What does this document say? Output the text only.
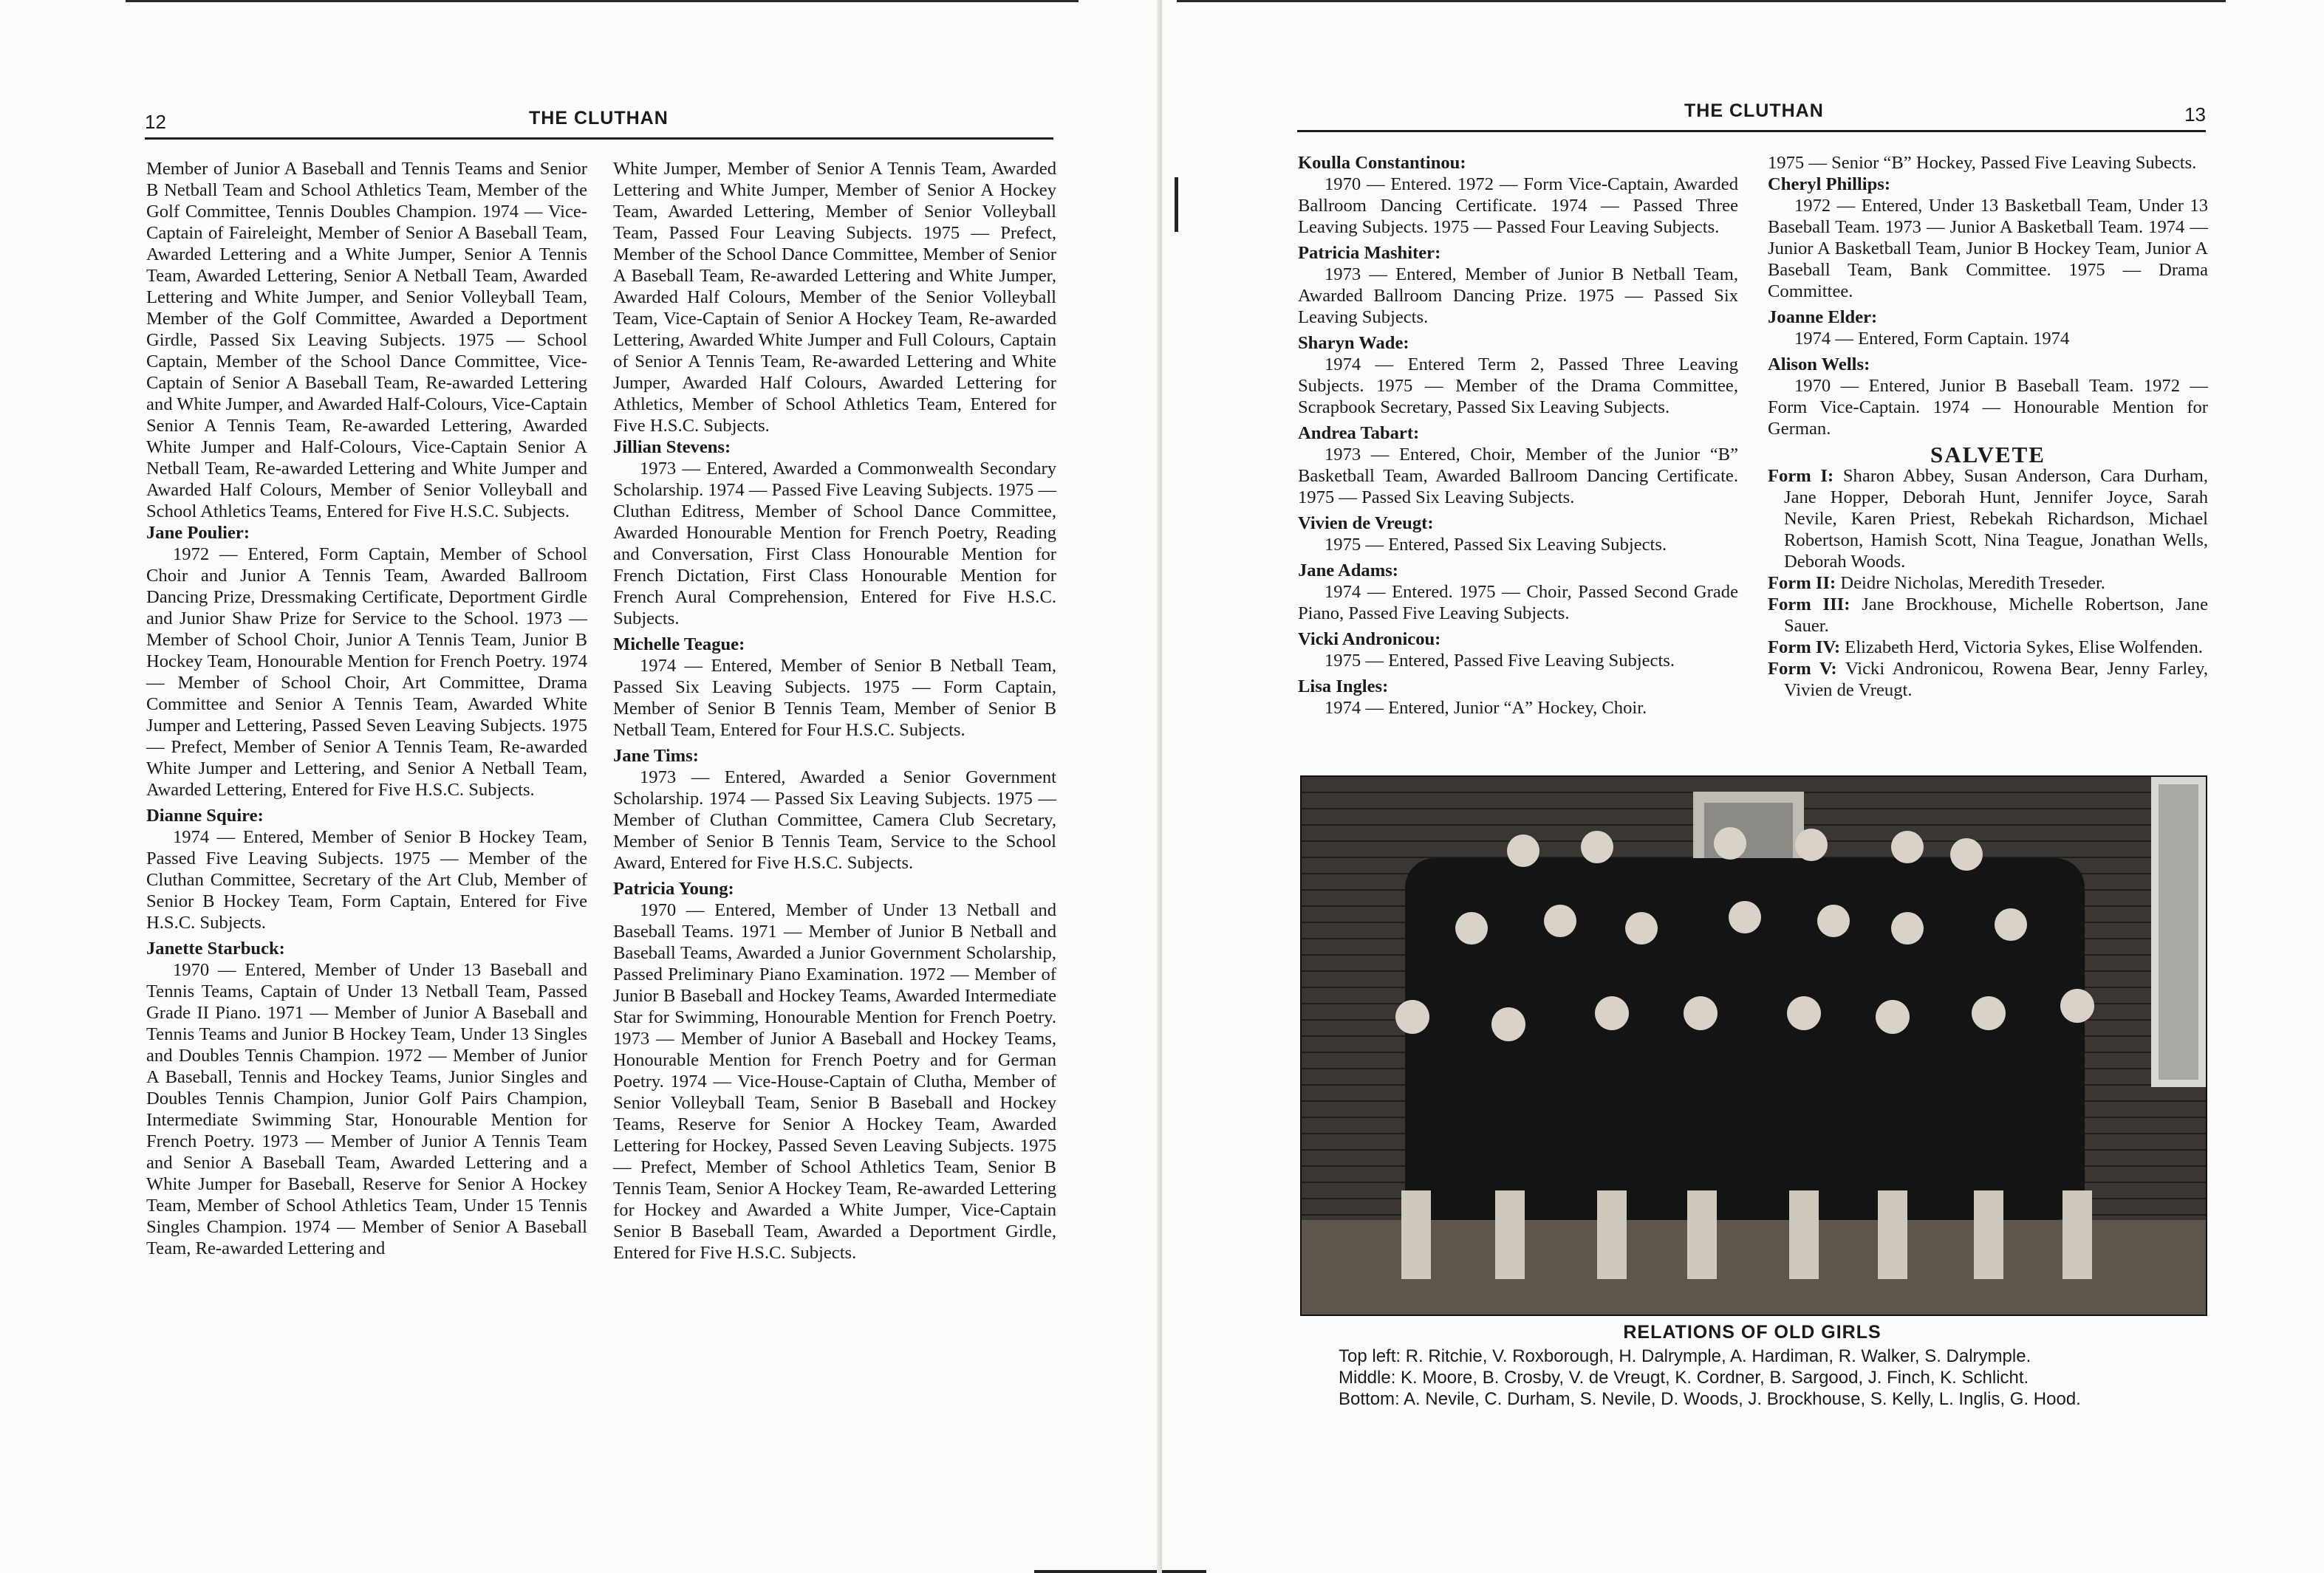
12	THE CLUTHAN

Member of Junior A Baseball and Tennis Teams and Senior B Netball Team and School Athletics Team, Member of the Golf Committee, Tennis Doubles Champion. 1974 — Vice-Captain of Faireleight, Member of Senior A Baseball Team, Awarded Lettering and a White Jumper, Senior A Tennis Team, Awarded Lettering, Senior A Netball Team, Awarded Lettering and White Jumper, and Senior Volleyball Team, Member of the Golf Committee, Awarded a Deportment Girdle, Passed Six Leaving Subjects. 1975 — School Captain, Member of the School Dance Committee, Vice-Captain of Senior A Baseball Team, Re-awarded Lettering and White Jumper, and Awarded Half-Colours, Vice-Captain Senior A Tennis Team, Re-awarded Lettering, Awarded White Jumper and Half-Colours, Vice-Captain Senior A Netball Team, Re-awarded Lettering and White Jumper and Awarded Half Colours, Member of Senior Volleyball and School Athletics Teams, Entered for Five H.S.C. Subjects.

Jane Poulier:

1972 — Entered, Form Captain, Member of School Choir and Junior A Tennis Team, Awarded Ballroom Dancing Prize, Dressmaking Certificate, Deportment Girdle and Junior Shaw Prize for Service to the School. 1973 — Member of School Choir, Junior A Tennis Team, Junior B Hockey Team, Honourable Mention for French Poetry. 1974 — Member of School Choir, Art Committee, Drama Committee and Senior A Tennis Team, Awarded White Jumper and Lettering, Passed Seven Leaving Subjects. 1975 — Prefect, Member of Senior A Tennis Team, Re-awarded White Jumper and Lettering, and Senior A Netball Team, Awarded Lettering, Entered for Five H.S.C. Subjects.

Dianne Squire:

1974 — Entered, Member of Senior B Hockey Team, Passed Five Leaving Subjects. 1975 — Member of the Cluthan Committee, Secretary of the Art Club, Member of Senior B Hockey Team, Form Captain, Entered for Five H.S.C. Subjects.

Janette Starbuck:

1970 — Entered, Member of Under 13 Baseball and Tennis Teams, Captain of Under 13 Netball Team, Passed Grade II Piano. 1971 — Member of Junior A Baseball and Tennis Teams and Junior B Hockey Team, Under 13 Singles and Doubles Tennis Champion. 1972 — Member of Junior A Baseball, Tennis and Hockey Teams, Junior Singles and Doubles Tennis Champion, Junior Golf Pairs Champion, Intermediate Swimming Star, Honourable Mention for French Poetry. 1973 — Member of Junior A Tennis Team and Senior A Baseball Team, Awarded Lettering and a White Jumper for Baseball, Reserve for Senior A Hockey Team, Member of School Athletics Team, Under 15 Tennis Singles Champion. 1974 — Member of Senior A Baseball Team, Re-awarded Lettering and

White Jumper, Member of Senior A Tennis Team, Awarded Lettering and White Jumper, Member of Senior A Hockey Team, Awarded Lettering, Member of Senior Volleyball Team, Passed Four Leaving Subjects. 1975 — Prefect, Member of the School Dance Committee, Member of Senior A Baseball Team, Re-awarded Lettering and White Jumper, Awarded Half Colours, Member of the Senior Volleyball Team, Vice-Captain of Senior A Hockey Team, Re-awarded Lettering, Awarded White Jumper and Full Colours, Captain of Senior A Tennis Team, Re-awarded Lettering and White Jumper, Awarded Half Colours, Awarded Lettering for Athletics, Member of School Athletics Team, Entered for Five H.S.C. Subjects.

Jillian Stevens:

1973 — Entered, Awarded a Commonwealth Secondary Scholarship. 1974 — Passed Five Leaving Subjects. 1975 — Cluthan Editress, Member of School Dance Committee, Awarded Honourable Mention for French Poetry, Reading and Conversation, First Class Honourable Mention for French Dictation, First Class Honourable Mention for French Aural Comprehension, Entered for Five H.S.C. Subjects.

Michelle Teague:

1974 — Entered, Member of Senior B Netball Team, Passed Six Leaving Subjects. 1975 — Form Captain, Member of Senior B Tennis Team, Member of Senior B Netball Team, Entered for Four H.S.C. Subjects.

Jane Tims:

1973 — Entered, Awarded a Senior Government Scholarship. 1974 — Passed Six Leaving Subjects. 1975 — Member of Cluthan Committee, Camera Club Secretary, Member of Senior B Tennis Team, Service to the School Award, Entered for Five H.S.C. Subjects.

Patricia Young:

1970 — Entered, Member of Under 13 Netball and Baseball Teams. 1971 — Member of Junior B Netball and Baseball Teams, Awarded a Junior Government Scholarship, Passed Preliminary Piano Examination. 1972 — Member of Junior B Baseball and Hockey Teams, Awarded Intermediate Star for Swimming, Honourable Mention for French Poetry. 1973 — Member of Junior A Baseball and Hockey Teams, Honourable Mention for French Poetry and for German Poetry. 1974 — Vice-House-Captain of Clutha, Member of Senior Volleyball Team, Senior B Baseball and Hockey Teams, Reserve for Senior A Hockey Team, Awarded Lettering for Hockey, Passed Seven Leaving Subjects. 1975 — Prefect, Member of School Athletics Team, Senior B Tennis Team, Senior A Hockey Team, Re-awarded Lettering for Hockey and Awarded a White Jumper, Vice-Captain Senior B Baseball Team, Awarded a Deportment Girdle, Entered for Five H.S.C. Subjects.

THE CLUTHAN	13

Koulla Constantinou:

1970 — Entered. 1972 — Form Vice-Captain, Awarded Ballroom Dancing Certificate. 1974 — Passed Three Leaving Subjects. 1975 — Passed Four Leaving Subjects.

Patricia Mashiter:

1973 — Entered, Member of Junior B Netball Team, Awarded Ballroom Dancing Prize. 1975 — Passed Six Leaving Subjects.

Sharyn Wade:

1974 — Entered Term 2, Passed Three Leaving Subjects. 1975 — Member of the Drama Committee, Scrapbook Secretary, Passed Six Leaving Subjects.

Andrea Tabart:

1973 — Entered, Choir, Member of the Junior “B” Basketball Team, Awarded Ballroom Dancing Certificate. 1975 — Passed Six Leaving Subjects.

Vivien de Vreugt:

1975 — Entered, Passed Six Leaving Subjects.

Jane Adams:

1974 — Entered. 1975 — Choir, Passed Second Grade Piano, Passed Five Leaving Subjects.

Vicki Andronicou:

1975 — Entered, Passed Five Leaving Subjects.

Lisa Ingles:

1974 — Entered, Junior “A” Hockey, Choir.

1975 — Senior “B” Hockey, Passed Five Leaving Subects.

Cheryl Phillips:

1972 — Entered, Under 13 Basketball Team, Under 13 Baseball Team. 1973 — Junior A Basketball Team. 1974 — Junior A Basketball Team, Junior B Hockey Team, Junior A Baseball Team, Bank Committee. 1975 — Drama Committee.

Joanne Elder:

1974 — Entered, Form Captain. 1974

Alison Wells:

1970 — Entered, Junior B Baseball Team. 1972 — Form Vice-Captain. 1974 — Honourable Mention for German.

SALVETE

Form I: Sharon Abbey, Susan Anderson, Cara Durham, Jane Hopper, Deborah Hunt, Jennifer Joyce, Sarah Nevile, Karen Priest, Rebekah Richardson, Michael Robertson, Hamish Scott, Nina Teague, Jonathan Wells, Deborah Woods.

Form II: Deidre Nicholas, Meredith Treseder.

Form III: Jane Brockhouse, Michelle Robertson, Jane Sauer.

Form IV: Elizabeth Herd, Victoria Sykes, Elise Wolfenden.

Form V: Vicki Andronicou, Rowena Bear, Jenny Farley, Vivien de Vreugt.

RELATIONS OF OLD GIRLS

Top left: R. Ritchie, V. Roxborough, H. Dalrymple, A. Hardiman, R. Walker, S. Dalrymple.

Middle: K. Moore, B. Crosby, V. de Vreugt, K. Cordner, B. Sargood, J. Finch, K. Schlicht.

Bottom: A. Nevile, C. Durham, S. Nevile, D. Woods, J. Brockhouse, S. Kelly, L. Inglis, G. Hood.
